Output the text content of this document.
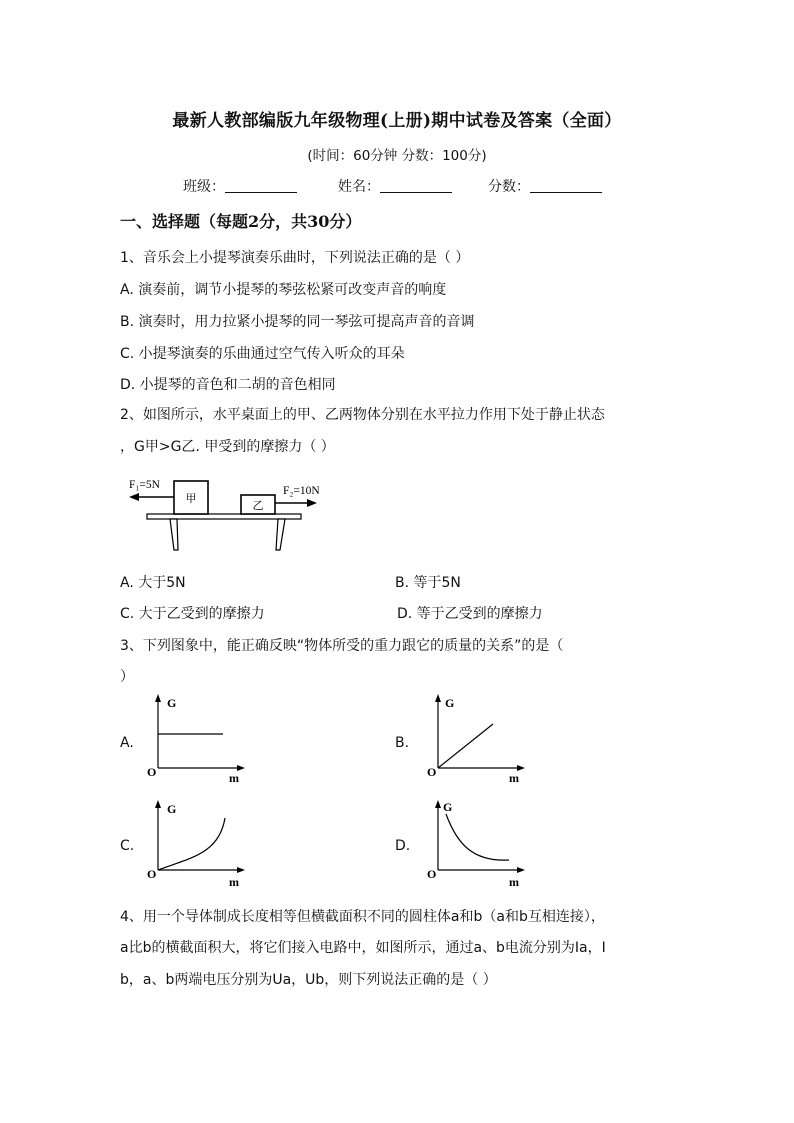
最新人教部编版九年级物理(上册)期中试卷及答案（全面）
(时间：60分钟 分数：100分)
班级：	姓名：	分数：
一、选择题（每题2分，共30分）
1、音乐会上小提琴演奏乐曲时，下列说法正确的是（ ）
A. 演奏前，调节小提琴的琴弦松紧可改变声音的响度
B. 演奏时，用力拉紧小提琴的同一琴弦可提高声音的音调
C. 小提琴演奏的乐曲通过空气传入听众的耳朵
D. 小提琴的音色和二胡的音色相同
2、如图所示，水平桌面上的甲、乙两物体分别在水平拉力作用下处于静止状态
，G甲>G乙. 甲受到的摩擦力（ ）
甲
乙
F₁=5N	F₂=10N
A. 大于5N	B. 等于5N
C. 大于乙受到的摩擦力	D. 等于乙受到的摩擦力
3、下列图象中，能正确反映“物体所受的重力跟它的质量的关系”的是（
）
A.	B.
C.	D.
G
O	m
G
O	m
G
O
m
G
O
m
4、用一个导体制成长度相等但横截面积不同的圆柱体a和b（a和b互相连接），
a比b的横截面积大，将它们接入电路中，如图所示，通过a、b电流分别为Ia，I
b，a、b两端电压分别为Ua，Ub，则下列说法正确的是（ ）
